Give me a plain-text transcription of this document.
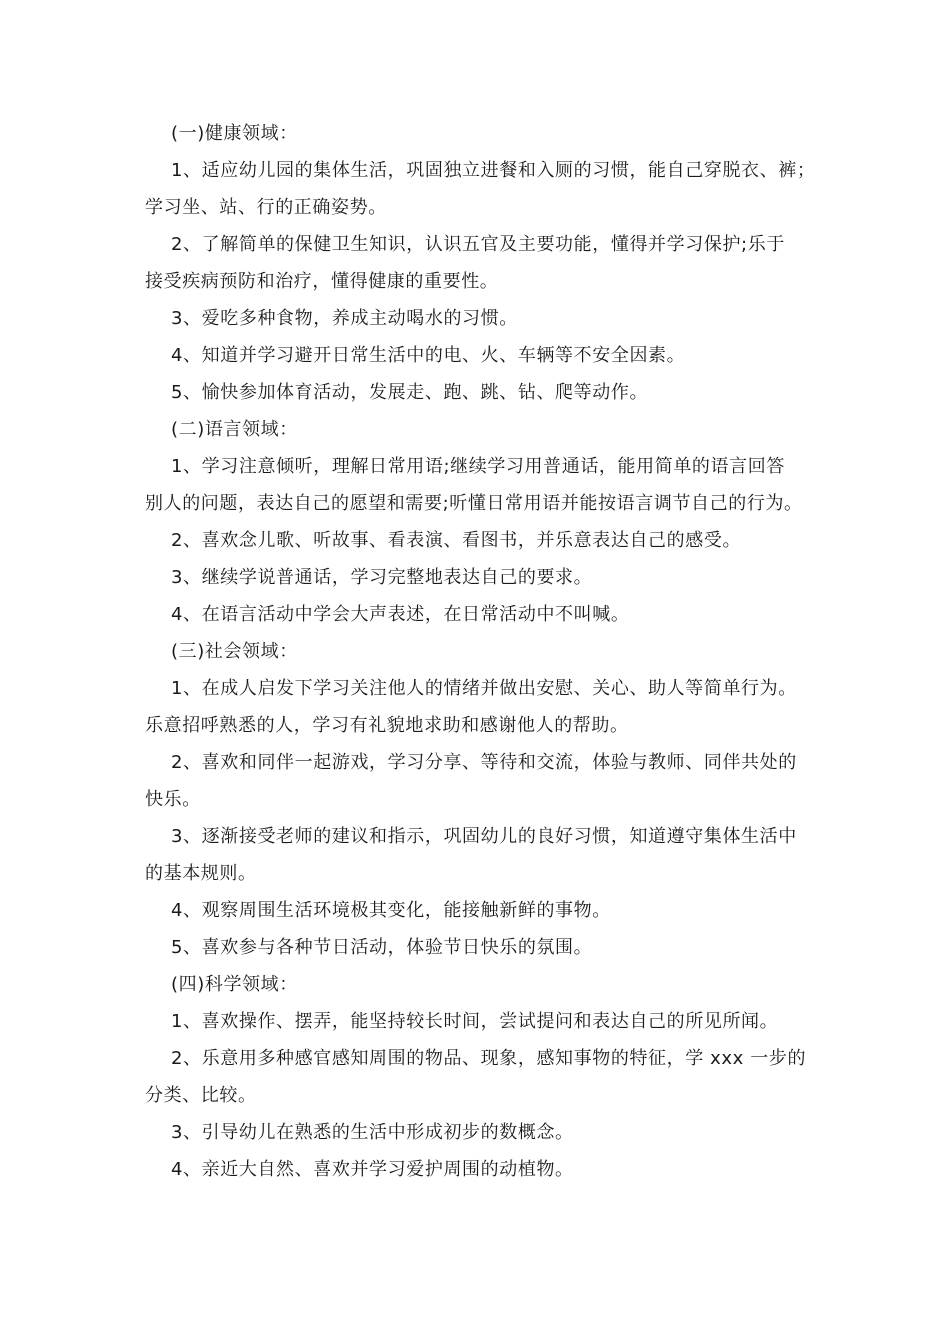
(一)健康领域：
1、适应幼儿园的集体生活，巩固独立进餐和入厕的习惯，能自己穿脱衣、裤；
学习坐、站、行的正确姿势。
2、了解简单的保健卫生知识，认识五官及主要功能，懂得并学习保护;乐于
接受疾病预防和治疗，懂得健康的重要性。
3、爱吃多种食物，养成主动喝水的习惯。
4、知道并学习避开日常生活中的电、火、车辆等不安全因素。
5、愉快参加体育活动，发展走、跑、跳、钻、爬等动作。
(二)语言领域：
1、学习注意倾听，理解日常用语;继续学习用普通话，能用简单的语言回答
别人的问题，表达自己的愿望和需要;听懂日常用语并能按语言调节自己的行为。
2、喜欢念儿歌、听故事、看表演、看图书，并乐意表达自己的感受。
3、继续学说普通话，学习完整地表达自己的要求。
4、在语言活动中学会大声表述，在日常活动中不叫喊。
(三)社会领域：
1、在成人启发下学习关注他人的情绪并做出安慰、关心、助人等简单行为。
乐意招呼熟悉的人，学习有礼貌地求助和感谢他人的帮助。
2、喜欢和同伴一起游戏，学习分享、等待和交流，体验与教师、同伴共处的
快乐。
3、逐渐接受老师的建议和指示，巩固幼儿的良好习惯，知道遵守集体生活中
的基本规则。
4、观察周围生活环境极其变化，能接触新鲜的事物。
5、喜欢参与各种节日活动，体验节日快乐的氛围。
(四)科学领域：
1、喜欢操作、摆弄，能坚持较长时间，尝试提问和表达自己的所见所闻。
2、乐意用多种感官感知周围的物品、现象，感知事物的特征，学 xxx 一步的
分类、比较。
3、引导幼儿在熟悉的生活中形成初步的数概念。
4、亲近大自然、喜欢并学习爱护周围的动植物。
